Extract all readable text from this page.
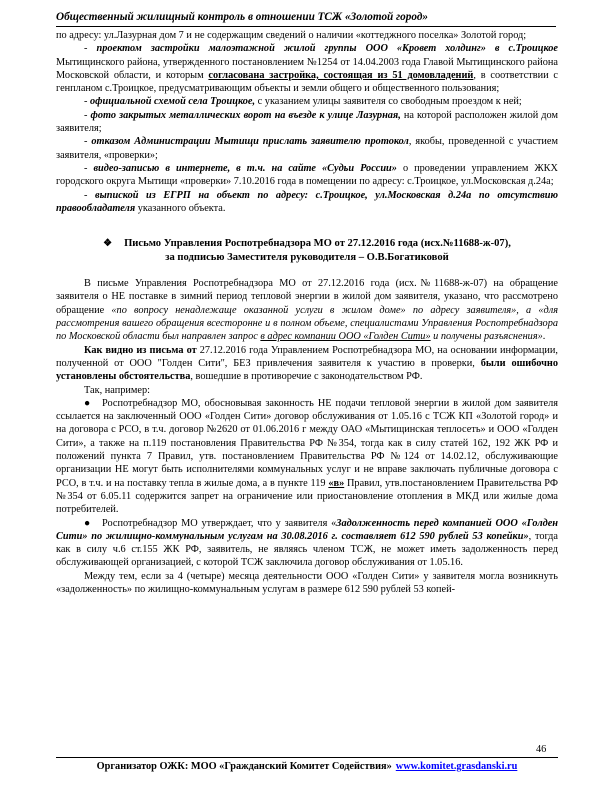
Общественный жилищный контроль в отношении ТСЖ «Золотой город»

по адресу: ул.Лазурная дом 7 и не содержащим сведений о наличии «коттеджного поселка» Золотой город;

- проектом застройки малоэтажной жилой группы ООО «Кровет холдинг» в с.Троицкое Мытищинского района, утвержденного постановлением №1254 от 14.04.2003 года Главой Мытищинского района Московской области, и которым согласована застройка, состоящая из 51 домовладений, в соответствии с генпланом с.Троицкое, предусматривающим объекты и земли общего и общественного пользования;

- официальной схемой села Троицкое, с указанием улицы заявителя со свободным проездом к ней;

- фото закрытых металлических ворот на въезде к улице Лазурная, на которой расположен жилой дом заявителя;

- отказом Администрации Мытищи прислать заявителю протокол, якобы, проведенной с участием заявителя, «проверки»;

- видео-записью в интернете, в т.ч. на сайте «Судьи России» о проведении управлением ЖКХ городского округа Мытищи «проверки» 7.10.2016 года в помещении по адресу: с.Троицкое, ул.Московская д.24а;

- выпиской из ЕГРП на объект по адресу: с.Троицкое, ул.Московская д.24а по отсутствию правообладателя указанного объекта.

❖ Письмо Управления Роспотребнадзора МО от 27.12.2016 года (исх.№11688-ж-07),

за подписью Заместителя руководителя – О.В.Богатиковой

В письме Управления Роспотребнадзора МО от 27.12.2016 года (исх.№11688-ж-07) на обращение заявителя о НЕ поставке в зимний период тепловой энергии в жилой дом заявителя, указано, что рассмотрено обращение «по вопросу ненадлежаще оказанной услуги в жилом доме» по адресу заявителя», а «для рассмотрения вашего обращения всесторонне и в полном объеме, специалистами Управления Роспотребнадзора по Московской области был направлен запрос в адрес компании ООО «Голден Сити» и получены разъяснения».

Как видно из письма от 27.12.2016 года Управлением Роспотребнадзора МО, на основании информации, полученной от ООО "Голден Сити", БЕЗ привлечения заявителя к участию в проверки, были ошибочно установлены обстоятельства, вошедшие в противоречие с законодательством РФ.

Так, например:

● Роспотребнадзор МО, обосновывая законность НЕ подачи тепловой энергии в жилой дом заявителя ссылается на заключенный ООО «Голден Сити» договор обслуживания от 1.05.16 с ТСЖ КП «Золотой город» и на договора с РСО, в т.ч. договор №2620 от 01.06.2016 г между ОАО «Мытищинская теплосеть» и ООО «Голден Сити», а также на п.119 постановления Правительства РФ №354, тогда как в силу статей 162, 192 ЖК РФ и положений пункта 7 Правил, утв. постановлением Правительства РФ №124 от 14.02.12, обслуживающие организации НЕ могут быть исполнителями коммунальных услуг и не вправе заключать публичные договора с РСО, в т.ч. и на поставку тепла в жилые дома, а в пункте 119 «в» Правил, утв.постановлением Правительства РФ №354 от 6.05.11 содержится запрет на ограничение или приостановление отопления в МКД или жилые дома потребителей.

● Роспотребнадзор МО утверждает, что у заявителя «Задолженность перед компанией ООО «Голден Сити» по жилищно-коммунальным услугам на 30.08.2016 г. составляет 612 590 рублей 53 копейки», тогда как в силу ч.6 ст.155 ЖК РФ, заявитель, не являясь членом ТСЖ, не может иметь задолженность перед обслуживающей организацией, с которой ТСЖ заключила договор обслуживания от 1.05.16.

Между тем, если за 4 (четыре) месяца деятельности ООО «Голден Сити» у заявителя могла возникнуть «задолженность» по жилищно-коммунальным услугам в размере 612 590 рублей 53 копей-

46
Организатор ОЖК: МОО «Гражданский Комитет Содействия» www.komitet.grasdanski.ru
